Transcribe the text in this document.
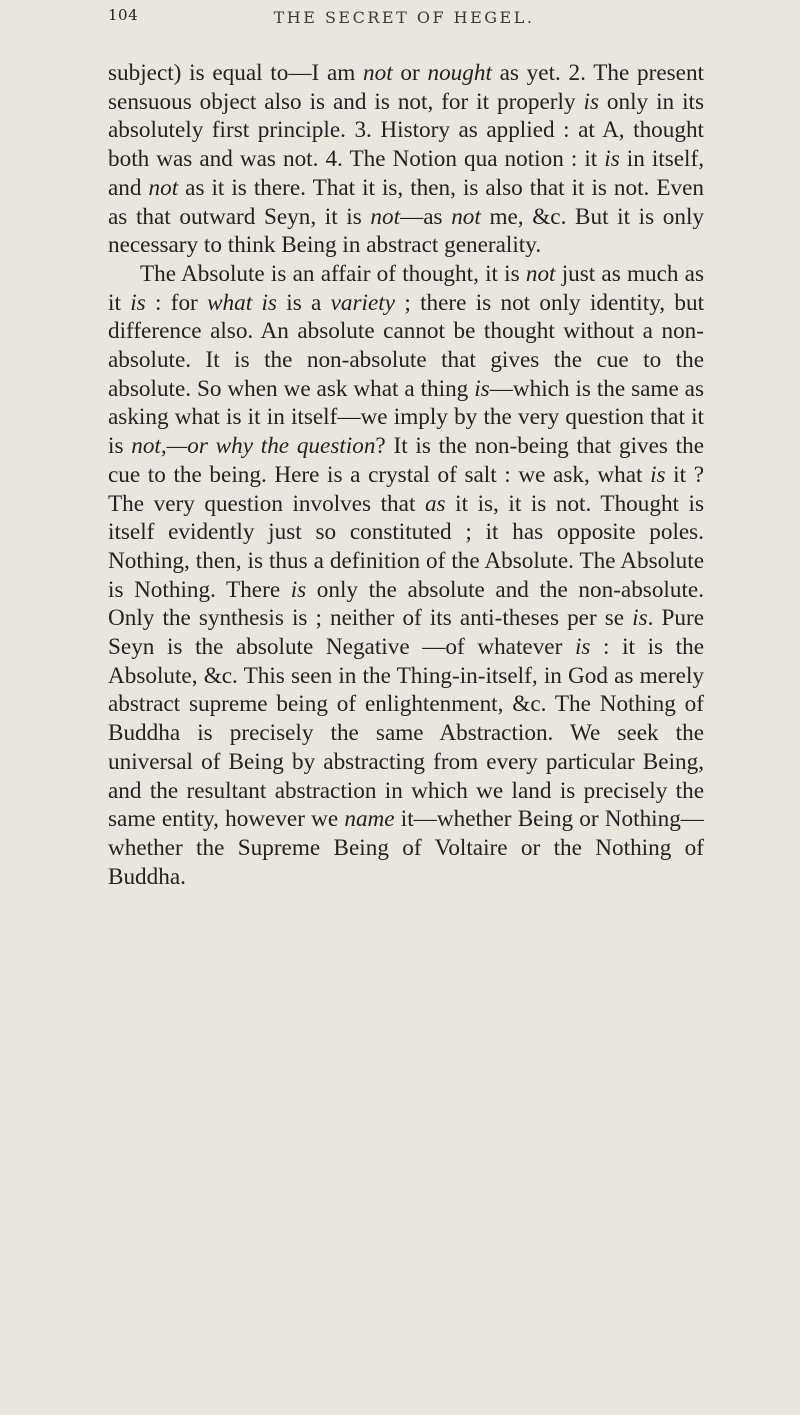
104	THE SECRET OF HEGEL.

subject) is equal to—I am not or nought as yet. 2. The present sensuous object also is and is not, for it properly is only in its absolutely first principle. 3. History as applied : at A, thought both was and was not. 4. The Notion qua notion : it is in itself, and not as it is there. That it is, then, is also that it is not. Even as that outward Seyn, it is not—as not me, &c. But it is only necessary to think Being in abstract generality.

The Absolute is an affair of thought, it is not just as much as it is : for what is is a variety ; there is not only identity, but difference also. An absolute cannot be thought without a non-absolute. It is the non-absolute that gives the cue to the absolute. So when we ask what a thing is—which is the same as asking what is it in itself—we imply by the very question that it is not,—or why the question? It is the non-being that gives the cue to the being. Here is a crystal of salt : we ask, what is it ? The very question involves that as it is, it is not. Thought is itself evidently just so constituted ; it has opposite poles. Nothing, then, is thus a definition of the Absolute. The Absolute is Nothing. There is only the absolute and the non-absolute. Only the synthesis is ; neither of its anti-theses per se is. Pure Seyn is the absolute Negative —of whatever is : it is the Absolute, &c. This seen in the Thing-in-itself, in God as merely abstract supreme being of enlightenment, &c. The Nothing of Buddha is precisely the same Abstraction. We seek the universal of Being by abstracting from every particular Being, and the resultant abstraction in which we land is precisely the same entity, however we name it—whether Being or Nothing—whether the Supreme Being of Voltaire or the Nothing of Buddha.
